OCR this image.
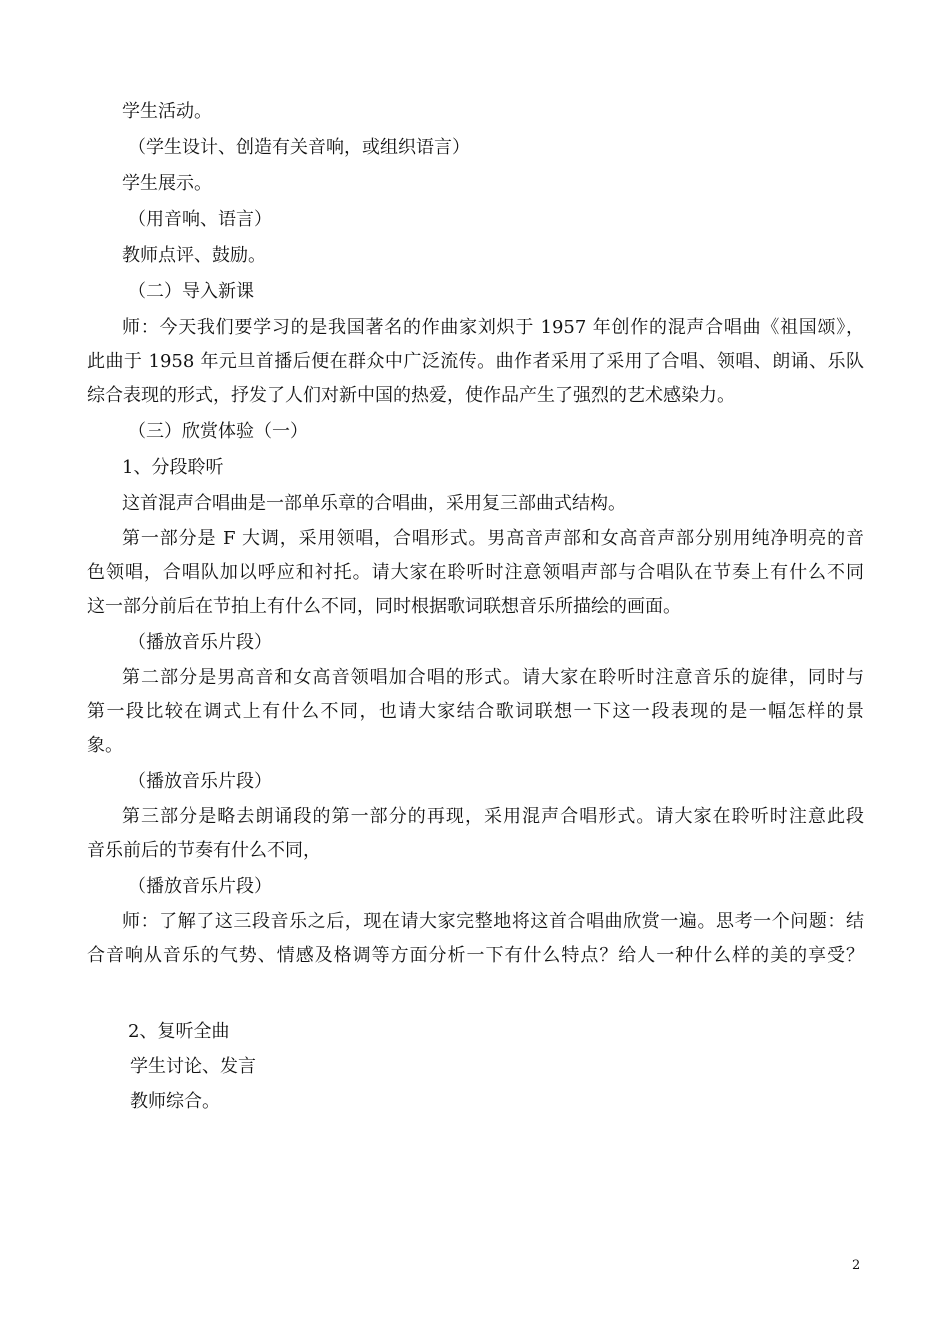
学生活动。
（学生设计、创造有关音响，或组织语言）
学生展示。
（用音响、语言）
教师点评、鼓励。
（二）导入新课
师：今天我们要学习的是我国著名的作曲家刘炽于 1957 年创作的混声合唱曲《祖国颂》，
此曲于 1958 年元旦首播后便在群众中广泛流传。曲作者采用了采用了合唱、领唱、朗诵、乐队
综合表现的形式，抒发了人们对新中国的热爱，使作品产生了强烈的艺术感染力。
（三）欣赏体验（一）
1、分段聆听
这首混声合唱曲是一部单乐章的合唱曲，采用复三部曲式结构。
第一部分是 F 大调，采用领唱，合唱形式。男高音声部和女高音声部分别用纯净明亮的音
色领唱，合唱队加以呼应和衬托。请大家在聆听时注意领唱声部与合唱队在节奏上有什么不同
这一部分前后在节拍上有什么不同，同时根据歌词联想音乐所描绘的画面。
（播放音乐片段）
第二部分是男高音和女高音领唱加合唱的形式。请大家在聆听时注意音乐的旋律，同时与
第一段比较在调式上有什么不同，也请大家结合歌词联想一下这一段表现的是一幅怎样的景
象。
（播放音乐片段）
第三部分是略去朗诵段的第一部分的再现，采用混声合唱形式。请大家在聆听时注意此段
音乐前后的节奏有什么不同，
（播放音乐片段）
师：了解了这三段音乐之后，现在请大家完整地将这首合唱曲欣赏一遍。思考一个问题：结
合音响从音乐的气势、情感及格调等方面分析一下有什么特点？给人一种什么样的美的享受？
2、复听全曲
学生讨论、发言
教师综合。
2
